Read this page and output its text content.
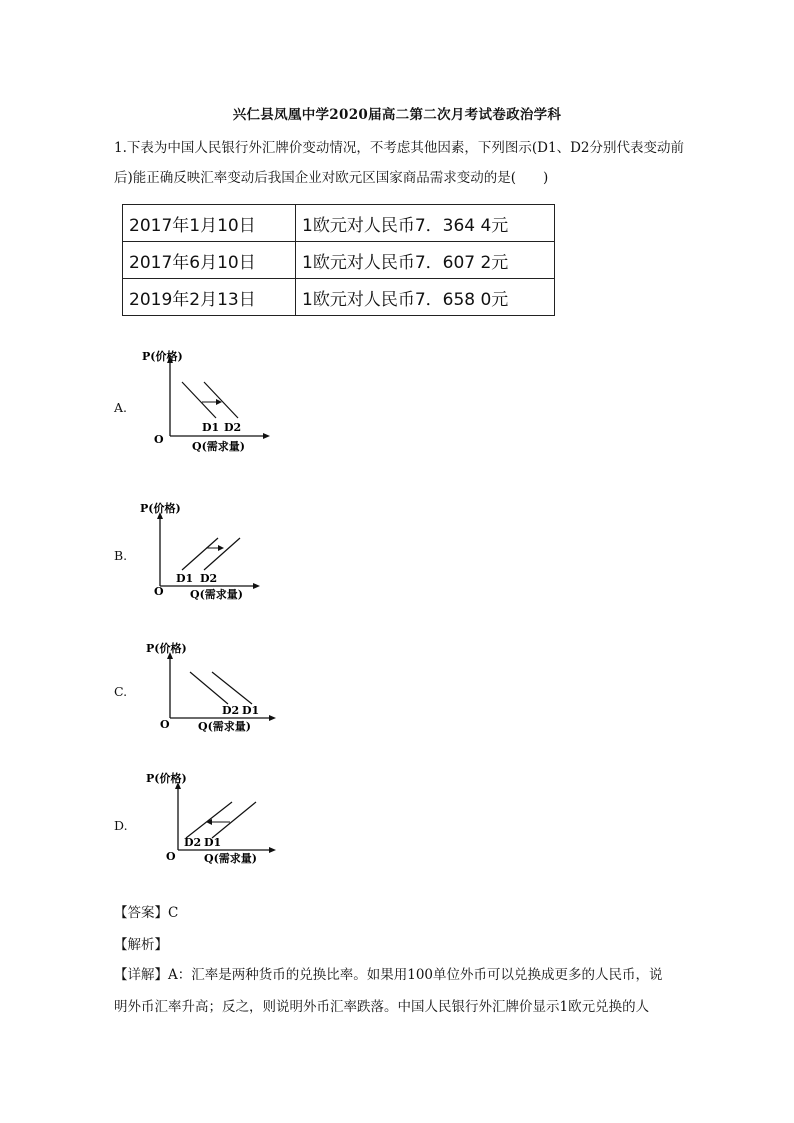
兴仁县凤凰中学2020届高二第二次月考试卷政治学科
1.下表为中国人民银行外汇牌价变动情况，不考虑其他因素，下列图示(D1、D2分别代表变动前后)能正确反映汇率变动后我国企业对欧元区国家商品需求变动的是(　　)
2017年1月10日	1欧元对人民币7．364 4元
2017年6月10日	1欧元对人民币7．607 2元
2019年2月13日	1欧元对人民币7．658 0元
A.
P(价格)
O
Q(需求量)
D1 D2
B.
P(价格)
O Q(需求量)
D1 D2
C.
P(价格)
O	Q(需求量)
D2 D1
D.
P(价格)
O	Q(需求量)
D2 D1
【答案】C
【解析】
【详解】A：汇率是两种货币的兑换比率。如果用100单位外币可以兑换成更多的人民币，说
明外币汇率升高；反之，则说明外币汇率跌落。中国人民银行外汇牌价显示1欧元兑换的人
